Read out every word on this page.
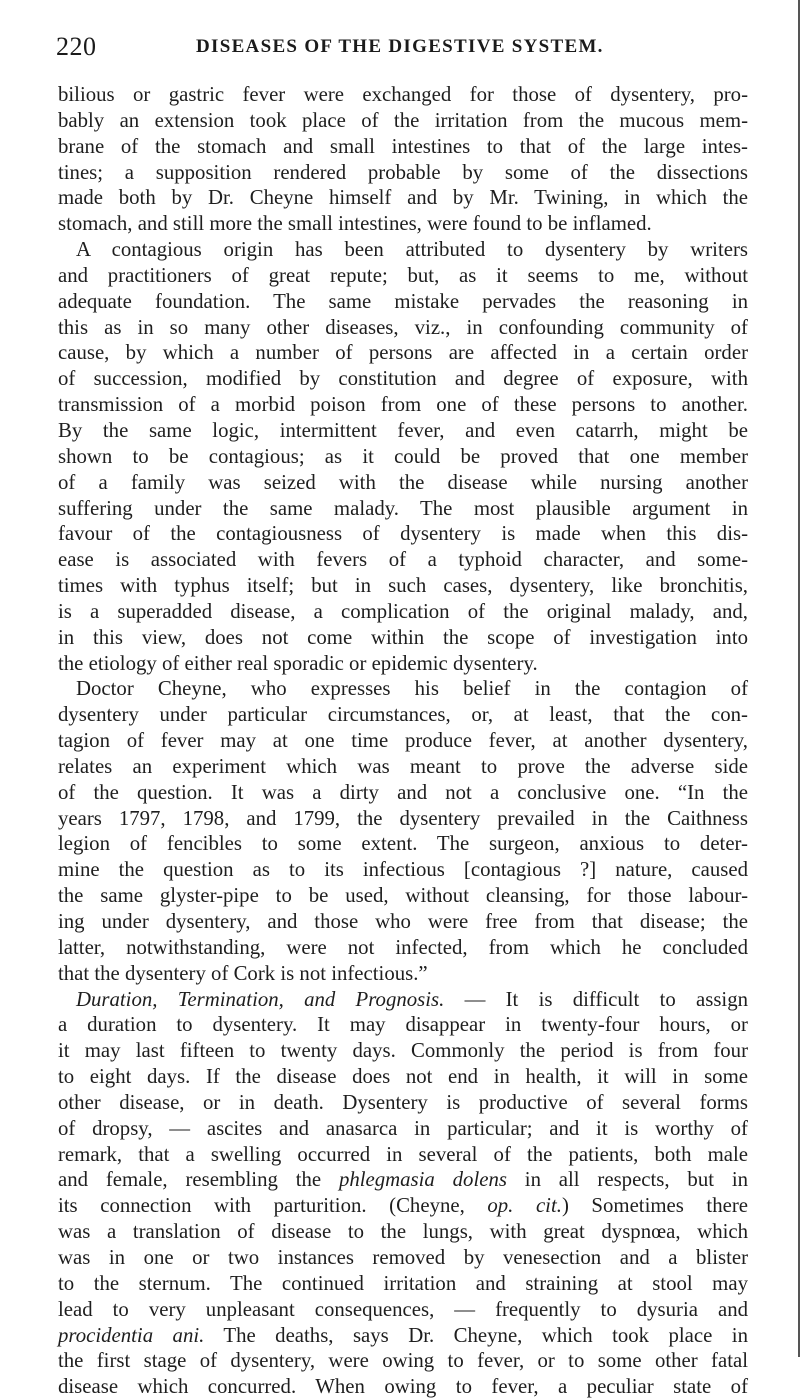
220	DISEASES OF THE DIGESTIVE SYSTEM.
bilious or gastric fever were exchanged for those of dysentery, pro-
bably an extension took place of the irritation from the mucous mem-
brane of the stomach and small intestines to that of the large intes-
tines; a supposition rendered probable by some of the dissections
made both by Dr. Cheyne himself and by Mr. Twining, in which the
stomach, and still more the small intestines, were found to be inflamed.
A contagious origin has been attributed to dysentery by writers
and practitioners of great repute; but, as it seems to me, without
adequate foundation. The same mistake pervades the reasoning in
this as in so many other diseases, viz., in confounding community of
cause, by which a number of persons are affected in a certain order
of succession, modified by constitution and degree of exposure, with
transmission of a morbid poison from one of these persons to another.
By the same logic, intermittent fever, and even catarrh, might be
shown to be contagious; as it could be proved that one member
of a family was seized with the disease while nursing another
suffering under the same malady. The most plausible argument in
favour of the contagiousness of dysentery is made when this dis-
ease is associated with fevers of a typhoid character, and some-
times with typhus itself; but in such cases, dysentery, like bronchitis,
is a superadded disease, a complication of the original malady, and,
in this view, does not come within the scope of investigation into
the etiology of either real sporadic or epidemic dysentery.
Doctor Cheyne, who expresses his belief in the contagion of
dysentery under particular circumstances, or, at least, that the con-
tagion of fever may at one time produce fever, at another dysentery,
relates an experiment which was meant to prove the adverse side
of the question. It was a dirty and not a conclusive one. “In the
years 1797, 1798, and 1799, the dysentery prevailed in the Caithness
legion of fencibles to some extent. The surgeon, anxious to deter-
mine the question as to its infectious [contagious ?] nature, caused
the same glyster-pipe to be used, without cleansing, for those labour-
ing under dysentery, and those who were free from that disease; the
latter, notwithstanding, were not infected, from which he concluded
that the dysentery of Cork is not infectious.”
Duration, Termination, and Prognosis. — It is difficult to assign
a duration to dysentery. It may disappear in twenty-four hours, or
it may last fifteen to twenty days. Commonly the period is from four
to eight days. If the disease does not end in health, it will in some
other disease, or in death. Dysentery is productive of several forms
of dropsy, — ascites and anasarca in particular; and it is worthy of
remark, that a swelling occurred in several of the patients, both male
and female, resembling the phlegmasia dolens in all respects, but in
its connection with parturition. (Cheyne, op. cit.) Sometimes there
was a translation of disease to the lungs, with great dyspnœa, which
was in one or two instances removed by venesection and a blister
to the sternum. The continued irritation and straining at stool may
lead to very unpleasant consequences, — frequently to dysuria and
procidentia ani. The deaths, says Dr. Cheyne, which took place in
the first stage of dysentery, were owing to fever, or to some other fatal
disease which concurred. When owing to fever, a peculiar state of
